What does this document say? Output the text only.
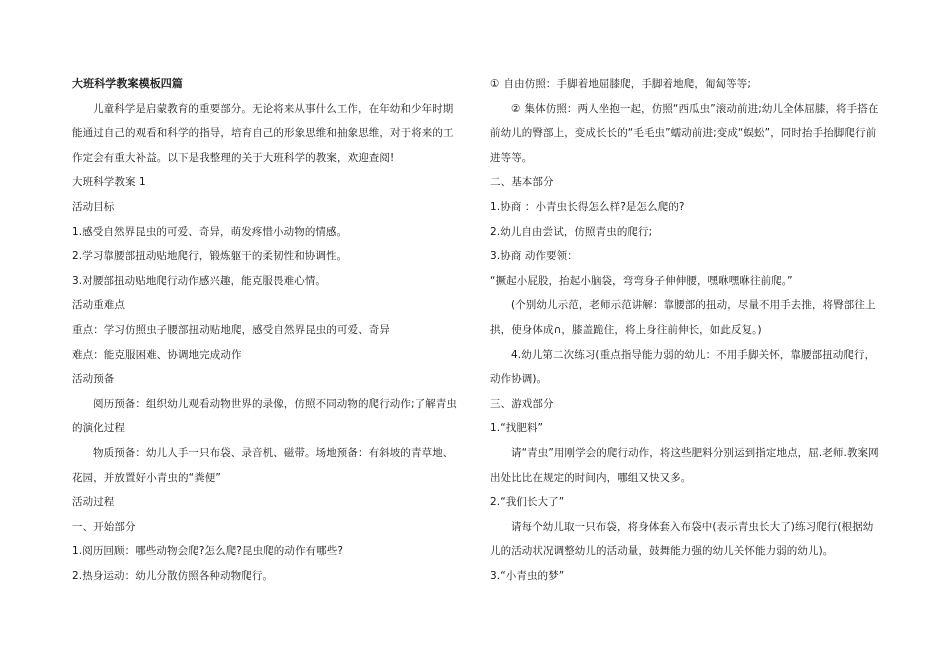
大班科学教案模板四篇

儿童科学是启蒙教育的重要部分。无论将来从事什么工作，在年幼和少年时期能通过自己的观看和科学的指导，培育自己的形象思维和抽象思维，对于将来的工作定会有重大补益。以下是我整理的关于大班科学的教案，欢迎查阅!

大班科学教案 1

活动目标

1.感受自然界昆虫的可爱、奇异，萌发疼惜小动物的情感。

2.学习靠腰部扭动贴地爬行，锻炼躯干的柔韧性和协调性。

3.对腰部扭动贴地爬行动作感兴趣，能克服畏难心情。

活动重难点

重点：学习仿照虫子腰部扭动贴地爬，感受自然界昆虫的可爱、奇异

难点：能克服困难、协调地完成动作

活动预备

阅历预备：组织幼儿观看动物世界的录像，仿照不同动物的爬行动作;了解青虫的演化过程

物质预备：幼儿人手一只布袋、录音机、磁带。场地预备：有斜坡的青草地、花园，并放置好小青虫的“粪便”

活动过程

一、开始部分

1.阅历回顾：哪些动物会爬?怎么爬?昆虫爬的动作有哪些?

2.热身运动：幼儿分散仿照各种动物爬行。

① 自由仿照：手脚着地屈膝爬，手脚着地爬，匍匐等等;

② 集体仿照：两人坐抱一起，仿照“西瓜虫”滚动前进;幼儿全体屈膝，将手搭在前幼儿的臀部上，变成长长的“毛毛虫”蠕动前进;变成“蜈蚣”，同时抬手抬脚爬行前进等等。

二、基本部分

1.协商 ：小青虫长得怎么样?是怎么爬的?

2.幼儿自由尝试，仿照青虫的爬行;

3.协商 动作要领：

“撅起小屁股，抬起小脑袋，弯弯身子伸伸腰，嘿咻嘿咻往前爬。”

(个别幼儿示范，老师示范讲解：靠腰部的扭动，尽量不用手去推，将臀部往上拱，使身体成∩，膝盖跪住，将上身往前伸长，如此反复。)

4.幼儿第二次练习(重点指导能力弱的幼儿：不用手脚关怀，靠腰部扭动爬行，动作协调)。

三、游戏部分

1.“找肥料”

请“青虫”用刚学会的爬行动作，将这些肥料分别运到指定地点，屈.老师.教案网出处比比在规定的时间内，哪组又快又多。

2.“我们长大了”

请每个幼儿取一只布袋，将身体套入布袋中(表示青虫长大了)练习爬行(根据幼儿的活动状况调整幼儿的活动量，鼓舞能力强的幼儿关怀能力弱的幼儿)。

3.“小青虫的梦”
